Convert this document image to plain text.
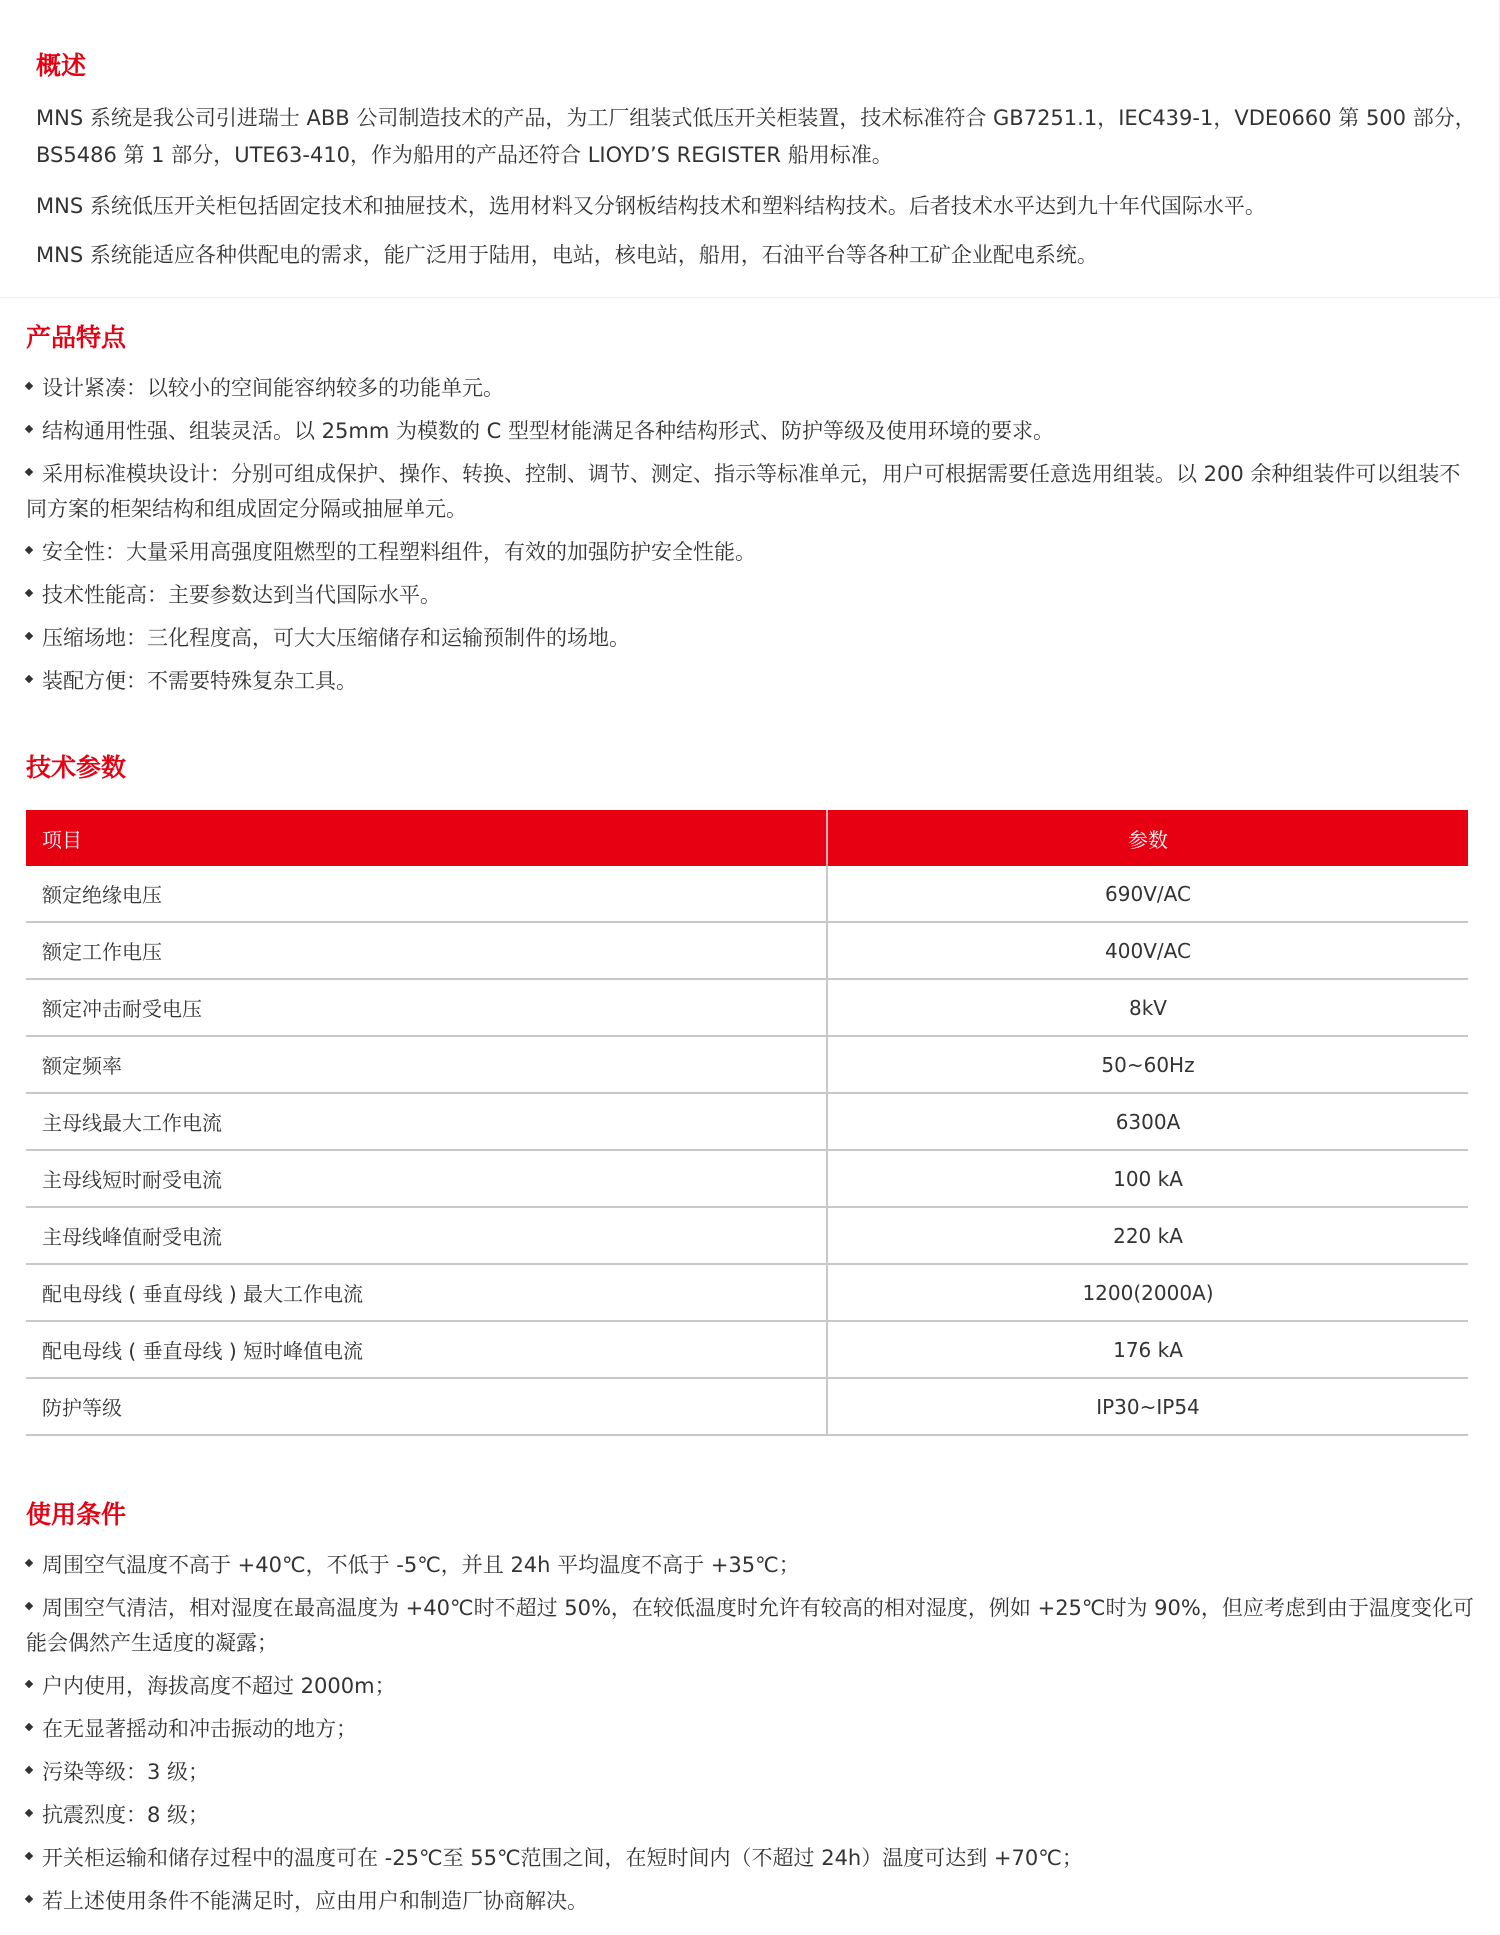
概述
MNS 系统是我公司引进瑞士 ABB 公司制造技术的产品，为工厂组装式低压开关柜装置，技术标准符合 GB7251.1，IEC439-1，VDE0660 第 500 部分，BS5486 第 1 部分，UTE63-410，作为船用的产品还符合 LIOYD’S REGISTER 船用标准。
MNS 系统低压开关柜包括固定技术和抽屉技术，选用材料又分钢板结构技术和塑料结构技术。后者技术水平达到九十年代国际水平。
MNS 系统能适应各种供配电的需求，能广泛用于陆用，电站，核电站，船用，石油平台等各种工矿企业配电系统。
产品特点
设计紧凑：以较小的空间能容纳较多的功能单元。
结构通用性强、组装灵活。以 25mm 为模数的 C 型型材能满足各种结构形式、防护等级及使用环境的要求。
采用标准模块设计：分别可组成保护、操作、转换、控制、调节、测定、指示等标准单元，用户可根据需要任意选用组装。以 200 余种组装件可以组装不同方案的柜架结构和组成固定分隔或抽屉单元。
安全性：大量采用高强度阻燃型的工程塑料组件，有效的加强防护安全性能。
技术性能高：主要参数达到当代国际水平。
压缩场地：三化程度高，可大大压缩储存和运输预制件的场地。
装配方便：不需要特殊复杂工具。
技术参数
项目	参数
额定绝缘电压	690V/AC
额定工作电压	400V/AC
额定冲击耐受电压	8kV
额定频率	50~60Hz
主母线最大工作电流	6300A
主母线短时耐受电流	100 kA
主母线峰值耐受电流	220 kA
配电母线 ( 垂直母线 ) 最大工作电流	1200(2000A)
配电母线 ( 垂直母线 ) 短时峰值电流	176 kA
防护等级	IP30~IP54
使用条件
周围空气温度不高于 +40℃，不低于 -5℃，并且 24h 平均温度不高于 +35℃；
周围空气清洁，相对湿度在最高温度为 +40℃时不超过 50%，在较低温度时允许有较高的相对湿度，例如 +25℃时为 90%，但应考虑到由于温度变化可能会偶然产生适度的凝露；
户内使用，海拔高度不超过 2000m；
在无显著摇动和冲击振动的地方；
污染等级：3 级；
抗震烈度：8 级；
开关柜运输和储存过程中的温度可在 -25℃至 55℃范围之间，在短时间内（不超过 24h）温度可达到 +70℃；
若上述使用条件不能满足时，应由用户和制造厂协商解决。
